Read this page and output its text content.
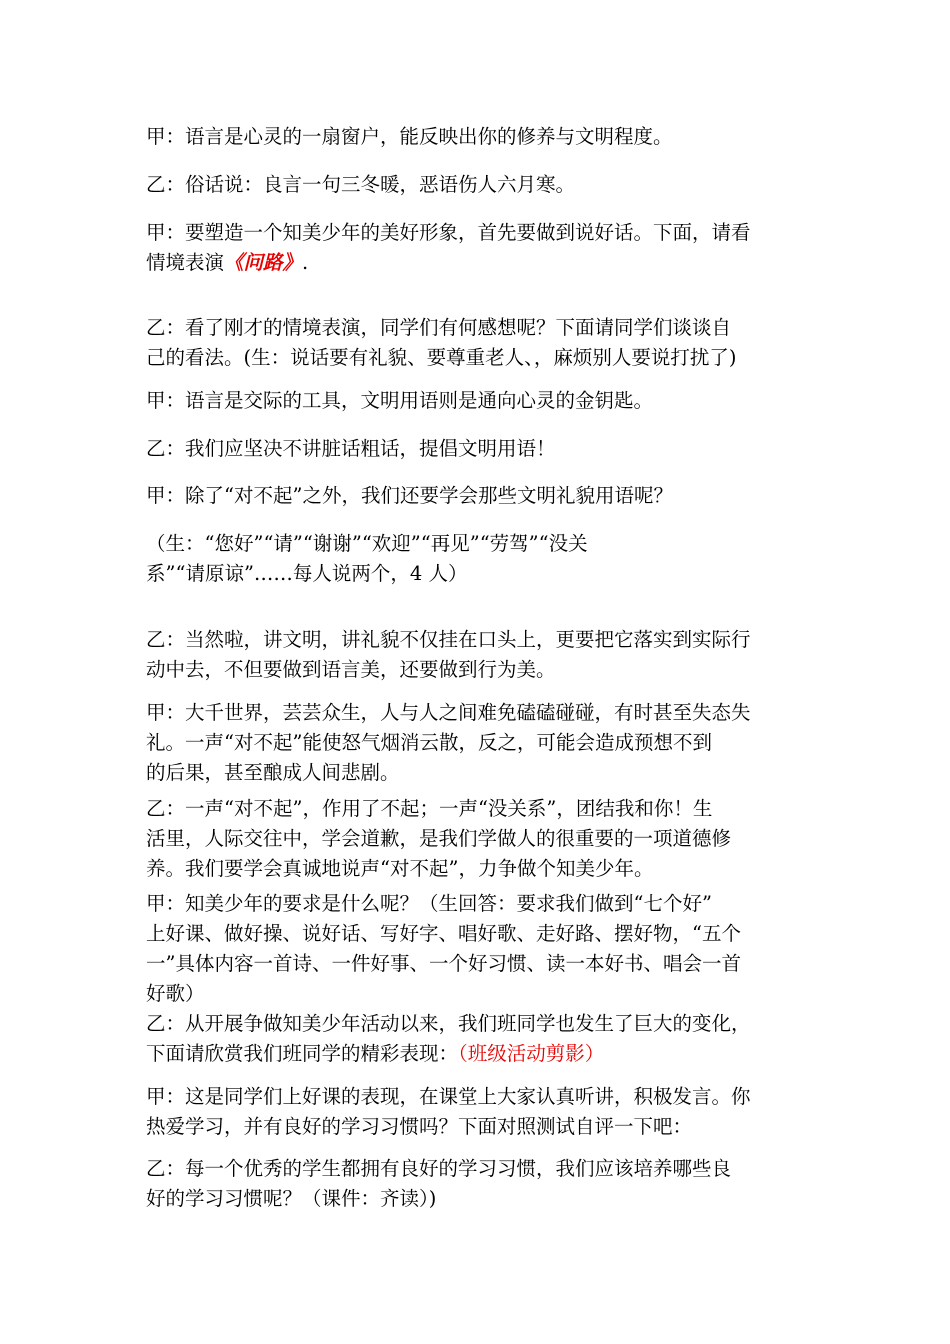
甲：语言是心灵的一扇窗户，能反映出你的修养与文明程度。

乙：俗话说：良言一句三冬暖，恶语伤人六月寒。

甲：要塑造一个知美少年的美好形象，首先要做到说好话。下面，请看
情境表演《问路》.

乙：看了刚才的情境表演，同学们有何感想呢？下面请同学们谈谈自
己的看法。(生：说话要有礼貌、要尊重老人、，麻烦别人要说打扰了)

甲：语言是交际的工具，文明用语则是通向心灵的金钥匙。

乙：我们应坚决不讲脏话粗话，提倡文明用语！

甲：除了“对不起”之外，我们还要学会那些文明礼貌用语呢？

（生：“您好”“请”“谢谢”“欢迎”“再见”“劳驾”“没关
系”“请原谅”……每人说两个，4 人）

乙：当然啦，讲文明，讲礼貌不仅挂在口头上，更要把它落实到实际行
动中去，不但要做到语言美，还要做到行为美。

甲：大千世界，芸芸众生，人与人之间难免磕磕碰碰，有时甚至失态失
礼。一声“对不起”能使怒气烟消云散，反之，可能会造成预想不到
的后果，甚至酿成人间悲剧。

乙：一声“对不起”，作用了不起；一声“没关系”，团结我和你！生
活里，人际交往中，学会道歉，是我们学做人的很重要的一项道德修
养。我们要学会真诚地说声“对不起”，力争做个知美少年。

甲：知美少年的要求是什么呢？（生回答：要求我们做到“七个好”
上好课、做好操、说好话、写好字、唱好歌、走好路、摆好物，“五个
一”具体内容一首诗、一件好事、一个好习惯、读一本好书、唱会一首
好歌）

乙：从开展争做知美少年活动以来，我们班同学也发生了巨大的变化，
下面请欣赏我们班同学的精彩表现：（班级活动剪影）

甲：这是同学们上好课的表现，在课堂上大家认真听讲，积极发言。你
热爱学习，并有良好的学习习惯吗？下面对照测试自评一下吧：

乙：每一个优秀的学生都拥有良好的学习习惯，我们应该培养哪些良
好的学习习惯呢？（课件：齐读）)
